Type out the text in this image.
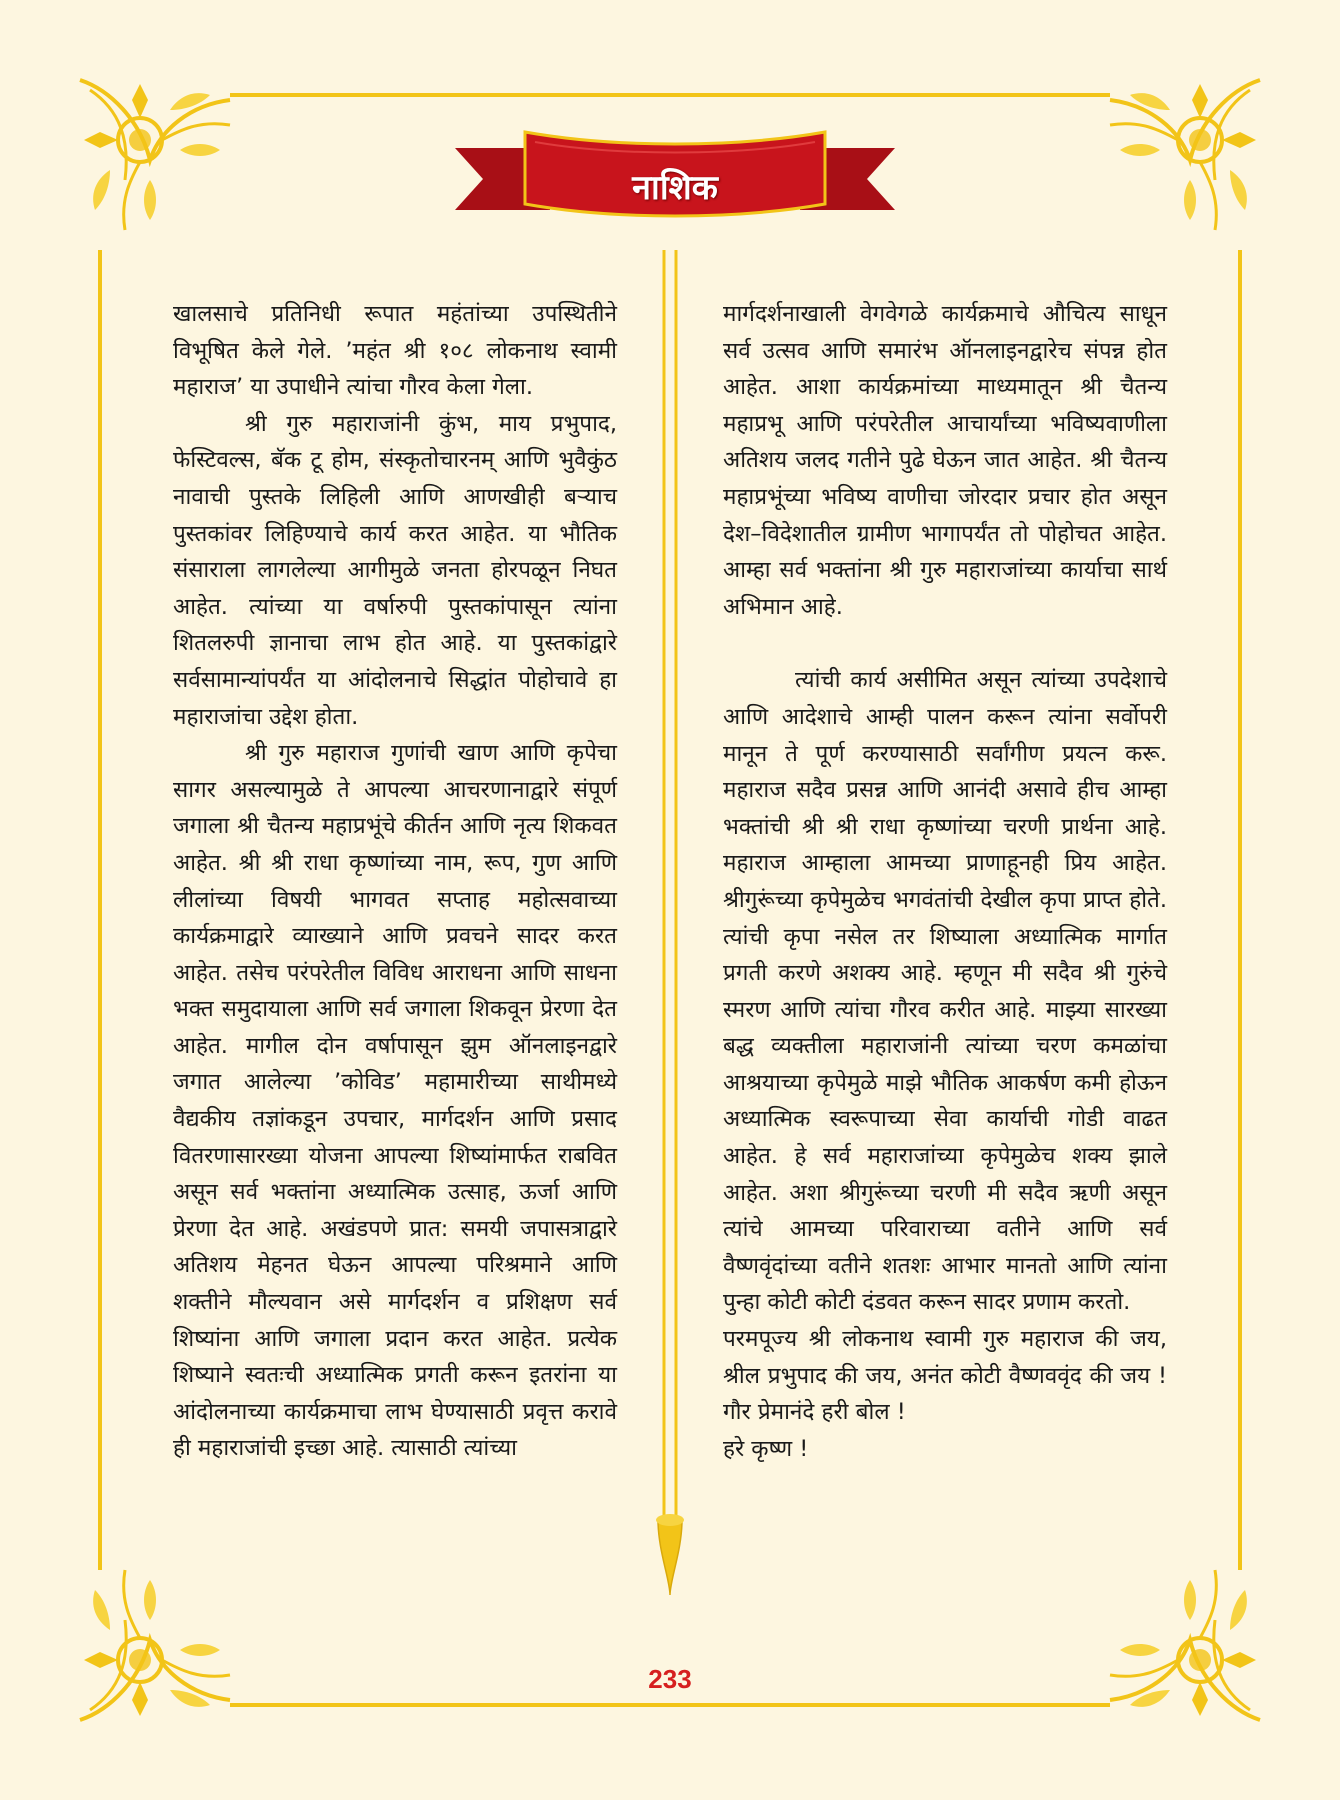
नाशिक

खालसाचे प्रतिनिधी रूपात महंतांच्या उपस्थितीने विभूषित केले गेले. ’महंत श्री १०८ लोकनाथ स्वामी महाराज’ या उपाधीने त्यांचा गौरव केला गेला.

श्री गुरु महाराजांनी कुंभ, माय प्रभुपाद, फेस्टिवल्स, बॅक टू होम, संस्कृतोचारनम् आणि भुवैकुंठ नावाची पुस्तके लिहिली आणि आणखीही बऱ्याच पुस्तकांवर लिहिण्याचे कार्य करत आहेत. या भौतिक संसाराला लागलेल्या आगीमुळे जनता होरपळून निघत आहेत. त्यांच्या या वर्षारुपी पुस्तकांपासून त्यांना शितलरुपी ज्ञानाचा लाभ होत आहे. या पुस्तकांद्वारे सर्वसामान्यांपर्यंत या आंदोलनाचे सिद्धांत पोहोचावे हा महाराजांचा उद्देश होता.

श्री गुरु महाराज गुणांची खाण आणि कृपेचा सागर असल्यामुळे ते आपल्या आचरणानाद्वारे संपूर्ण जगाला श्री चैतन्य महाप्रभूंचे कीर्तन आणि नृत्य शिकवत आहेत. श्री श्री राधा कृष्णांच्या नाम, रूप, गुण आणि लीलांच्या विषयी भागवत सप्ताह महोत्सवाच्या कार्यक्रमाद्वारे व्याख्याने आणि प्रवचने सादर करत आहेत. तसेच परंपरेतील विविध आराधना आणि साधना भक्त समुदायाला आणि सर्व जगाला शिकवून प्रेरणा देत आहेत. मागील दोन वर्षापासून झुम ऑनलाइनद्वारे जगात आलेल्या ’कोविड’ महामारीच्या साथीमध्ये वैद्यकीय तज्ञांकडून उपचार, मार्गदर्शन आणि प्रसाद वितरणासारख्या योजना आपल्या शिष्यांमार्फत राबवित असून सर्व भक्तांना अध्यात्मिक उत्साह, ऊर्जा आणि प्रेरणा देत आहे. अखंडपणे प्रात: समयी जपासत्राद्वारे अतिशय मेहनत घेऊन आपल्या परिश्रमाने आणि शक्तीने मौल्यवान असे मार्गदर्शन व प्रशिक्षण सर्व शिष्यांना आणि जगाला प्रदान करत आहेत. प्रत्येक शिष्याने स्वतःची अध्यात्मिक प्रगती करून इतरांना या आंदोलनाच्या कार्यक्रमाचा लाभ घेण्यासाठी प्रवृत्त करावे ही महाराजांची इच्छा आहे. त्यासाठी त्यांच्या

मार्गदर्शनाखाली वेगवेगळे कार्यक्रमाचे औचित्य साधून सर्व उत्सव आणि समारंभ ऑनलाइनद्वारेच संपन्न होत आहेत. आशा कार्यक्रमांच्या माध्यमातून श्री चैतन्य महाप्रभू आणि परंपरेतील आचार्यांच्या भविष्यवाणीला अतिशय जलद गतीने पुढे घेऊन जात आहेत. श्री चैतन्य महाप्रभूंच्या भविष्य वाणीचा जोरदार प्रचार होत असून देश–विदेशातील ग्रामीण भागापर्यंत तो पोहोचत आहेत. आम्हा सर्व भक्तांना श्री गुरु महाराजांच्या कार्याचा सार्थ अभिमान आहे.

त्यांची कार्य असीमित असून त्यांच्या उपदेशाचे आणि आदेशाचे आम्ही पालन करून त्यांना सर्वोपरी मानून ते पूर्ण करण्यासाठी सर्वांगीण प्रयत्न करू. महाराज सदैव प्रसन्न आणि आनंदी असावे हीच आम्हा भक्तांची श्री श्री राधा कृष्णांच्या चरणी प्रार्थना आहे. महाराज आम्हाला आमच्या प्राणाहूनही प्रिय आहेत. श्रीगुरूंच्या कृपेमुळेच भगवंतांची देखील कृपा प्राप्त होते. त्यांची कृपा नसेल तर शिष्याला अध्यात्मिक मार्गात प्रगती करणे अशक्य आहे. म्हणून मी सदैव श्री गुरुंचे स्मरण आणि त्यांचा गौरव करीत आहे. माझ्या सारख्या बद्ध व्यक्तीला महाराजांनी त्यांच्या चरण कमळांचा आश्रयाच्या कृपेमुळे माझे भौतिक आकर्षण कमी होऊन अध्यात्मिक स्वरूपाच्या सेवा कार्याची गोडी वाढत आहेत. हे सर्व महाराजांच्या कृपेमुळेच शक्य झाले आहेत. अशा श्रीगुरूंच्या चरणी मी सदैव ऋणी असून त्यांचे आमच्या परिवाराच्या वतीने आणि सर्व वैष्णवृंदांच्या वतीने शतशः आभार मानतो आणि त्यांना पुन्हा कोटी कोटी दंडवत करून सादर प्रणाम करतो.

परमपूज्य श्री लोकनाथ स्वामी गुरु महाराज की जय, श्रील प्रभुपाद की जय, अनंत कोटी वैष्णववृंद की जय ! गौर प्रेमानंदे हरी बोल !

हरे कृष्ण !

233
